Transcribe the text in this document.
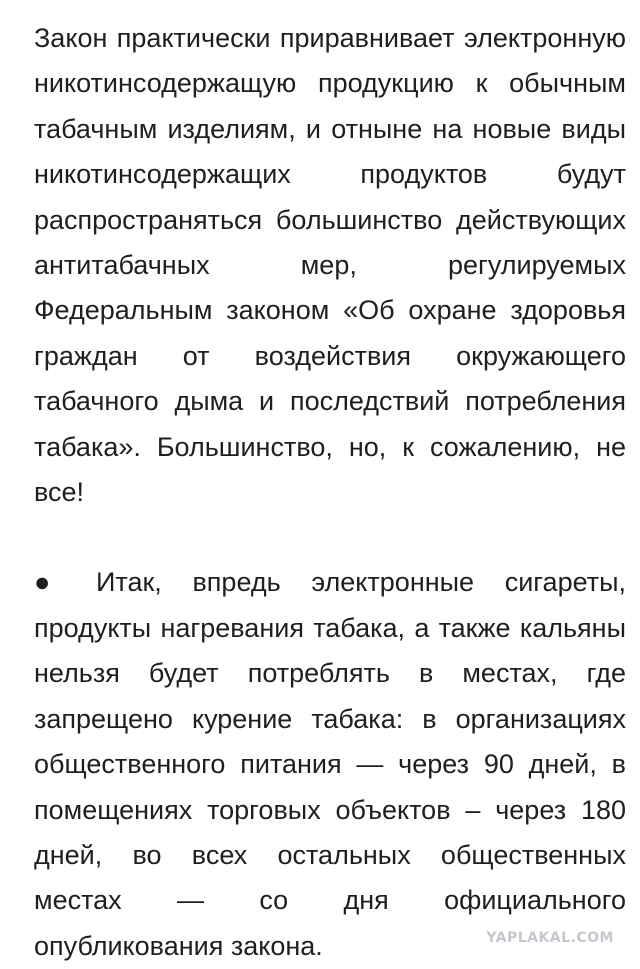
Закон практически приравнивает электронную никотинсодержащую продукцию к обычным табачным изделиям, и отныне на новые виды никотинсодержащих продуктов будут распространяться большинство действующих антитабачных мер, регулируемых Федеральным законом «Об охране здоровья граждан от воздействия окружающего табачного дыма и последствий потребления табака». Большинство, но, к сожалению, не все!

● Итак, впредь электронные сигареты, продукты нагревания табака, а также кальяны нельзя будет потреблять в местах, где запрещено курение табака: в организациях общественного питания — через 90 дней, в помещениях торговых объектов – через 180 дней, во всех остальных общественных местах — со дня официального опубликования закона.	YAPLAKAL.COM
